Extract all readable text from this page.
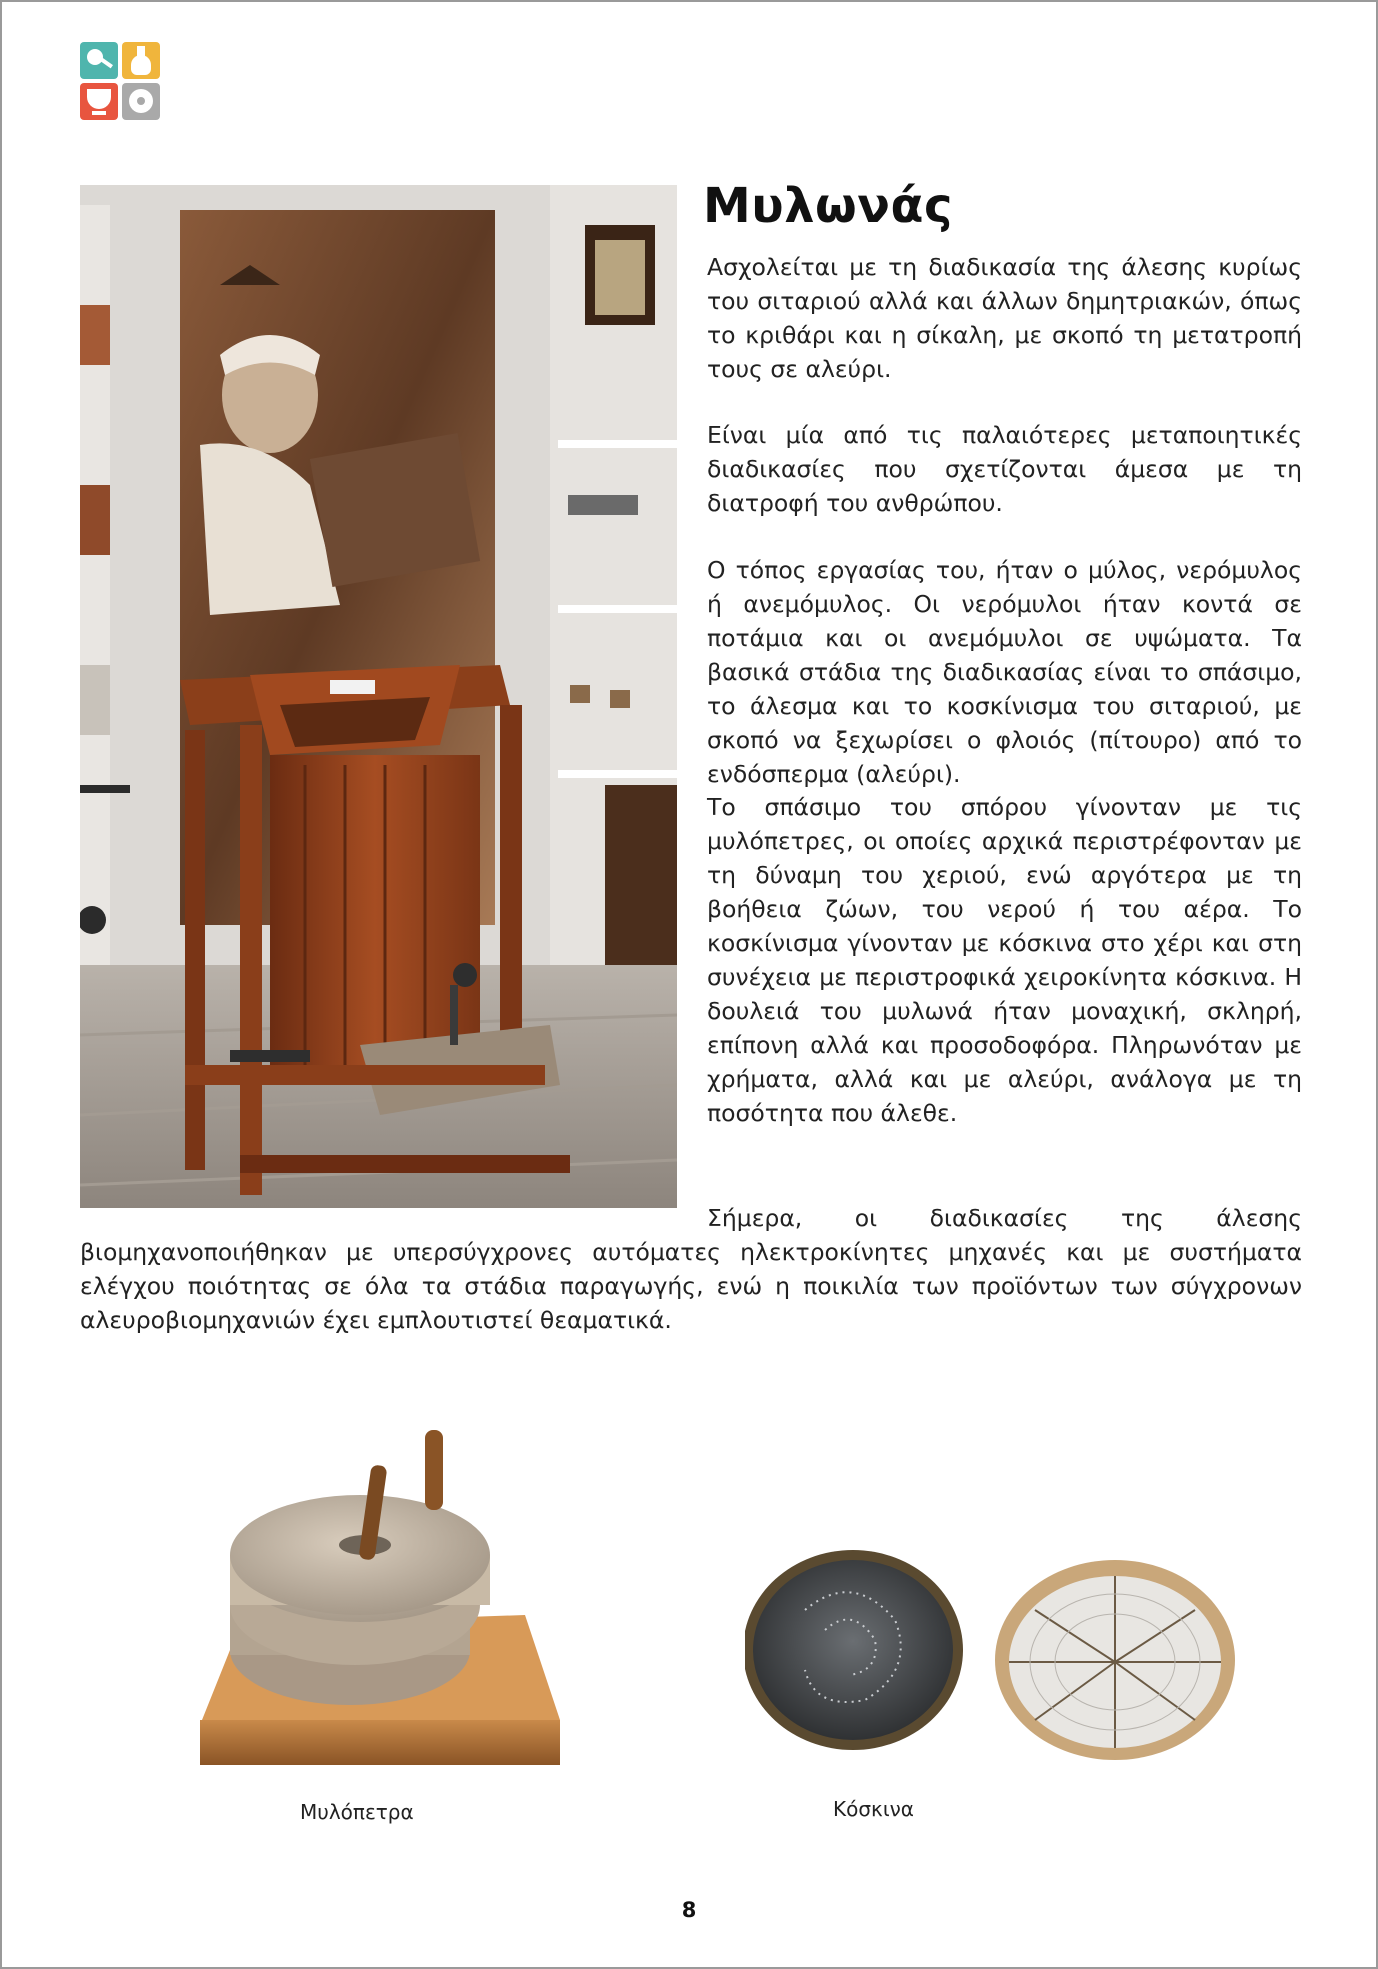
Μυλωνάς

Ασχολείται με τη διαδικασία της άλεσης κυρίως του σιταριού αλλά και άλλων δημητριακών, όπως το κριθάρι και η σίκαλη, με σκοπό τη μετατροπή τους σε αλεύρι.

Είναι μία από τις παλαιότερες μεταποιητικές διαδικασίες που σχετίζονται άμεσα με τη διατροφή του ανθρώπου.

Ο τόπος εργασίας του, ήταν ο μύλος, νερόμυλος ή ανεμόμυλος. Οι νερόμυλοι ήταν κοντά σε ποτάμια και οι ανεμόμυλοι σε υψώματα. Τα βασικά στάδια της διαδικασίας είναι το σπάσιμο, το άλεσμα και το κοσκίνισμα του σιταριού, με σκοπό να ξεχωρίσει ο φλοιός (πίτουρο) από το ενδόσπερμα (αλεύρι).

Το σπάσιμο του σπόρου γίνονταν με τις μυλόπετρες, οι οποίες αρχικά περιστρέφονταν με τη δύναμη του χεριού, ενώ αργότερα με τη βοήθεια ζώων, του νερού ή του αέρα. Το κοσκίνισμα γίνονταν με κόσκινα στο χέρι και στη συνέχεια με περιστροφικά χειροκίνητα κόσκινα. Η δουλειά του μυλωνά ήταν μοναχική, σκληρή, επίπονη αλλά και προσοδοφόρα. Πληρωνόταν με χρήματα, αλλά και με αλεύρι, ανάλογα με τη ποσότητα που άλεθε.

Σήμερα, οι διαδικασίες της άλεσης βιομηχανοποιήθηκαν με υπερσύγχρονες αυτόματες ηλεκτροκίνητες μηχανές και με συστήματα ελέγχου ποιότητας σε όλα τα στάδια παραγωγής, ενώ η ποικιλία των προϊόντων των σύγχρονων αλευροβιομηχανιών έχει εμπλουτιστεί θεαματικά.

Μυλόπετρα	Κόσκινα
8
